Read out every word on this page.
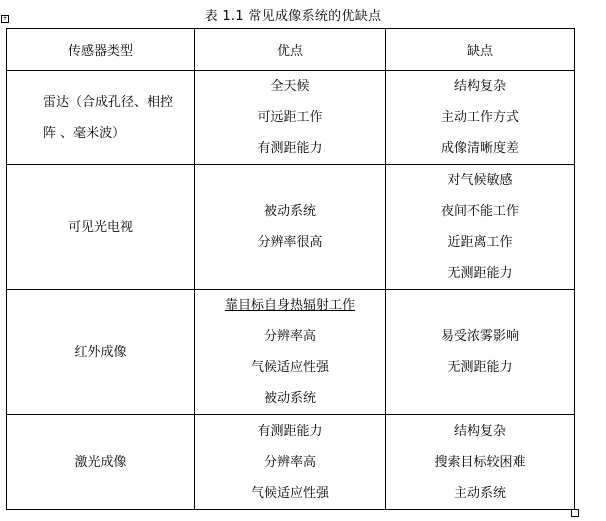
+	表 1.1 常见成像系统的优缺点
传感器类型	优点	缺点

雷达（合成孔径、相控
阵 、毫米波）	全天候
可远距工作
有测距能力	结构复杂
主动工作方式
成像清晰度差

可见光电视	被动系统
分辨率很高	对气候敏感
夜间不能工作
近距离工作
无测距能力

红外成像	靠目标自身热辐射工作
分辨率高
气候适应性强
被动系统	易受浓雾影响
无测距能力

激光成像	有测距能力
分辨率高
气候适应性强	结构复杂
搜索目标较困难
主动系统
